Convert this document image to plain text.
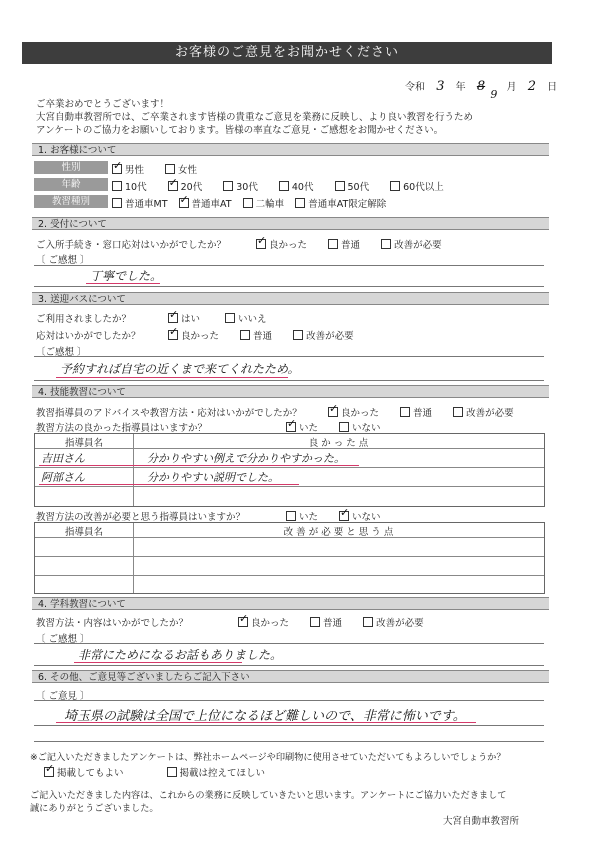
お客様のご意見をお聞かせください
令和 3 年 8 9 月 2 日
ご卒業おめでとうございます！
大宮自動車教習所では、ご卒業されます皆様の貴重なご意見を業務に反映し、より良い教習を行うため
アンケートのご協力をお願いしております。皆様の率直なご意見・ご感想をお聞かせください。
1. お客様について
性別 ✓	男性	女性
年齢	10代 ✓	20代	30代	40代	50代	60代以上
教習種別	普通車MT ✓	普通車AT	二輪車	普通車AT限定解除
2. 受付について
ご入所手続き・窓口応対はいかがでしたか？ ✓	良かった	普通	改善が必要
〔 ご感想 〕
丁寧でした。
3. 送迎バスについて
ご利用されましたか？ ✓	はい	いいえ
応対はいかがでしたか？ ✓	良かった	普通	改善が必要
〔ご感想 〕
予約すれば自宅の近くまで来てくれたため。
4. 技能教習について
教習指導員のアドバイスや教習方法・応対はいかがでしたか？ ✓	良かった	普通	改善が必要
教習方法の良かった指導員はいますか？ ✓	いた	いない
指導員名	良 か っ た 点
吉田さん	分かりやすい例えで分かりやすかった。
阿部さん	分かりやすい説明でした。
教習方法の改善が必要と思う指導員はいますか？	いた ✓	いない
指導員名	改 善 が 必 要 と 思 う 点
4. 学科教習について
教習方法・内容はいかがでしたか？ ✓	良かった	普通	改善が必要
〔 ご感想 〕
非常にためになるお話もありました。
6. その他、ご意見等ございましたらご記入下さい
〔 ご意見 〕
埼玉県の試験は全国で上位になるほど難しいので、非常に怖いです。
※ご記入いただきましたアンケートは、弊社ホームページや印刷物に使用させていただいてもよろしいでしょうか？
✓掲載してもよい	掲載は控えてほしい
ご記入いただきました内容は、これからの業務に反映していきたいと思います。アンケートにご協力いただきまして
誠にありがとうございました。
大宮自動車教習所
